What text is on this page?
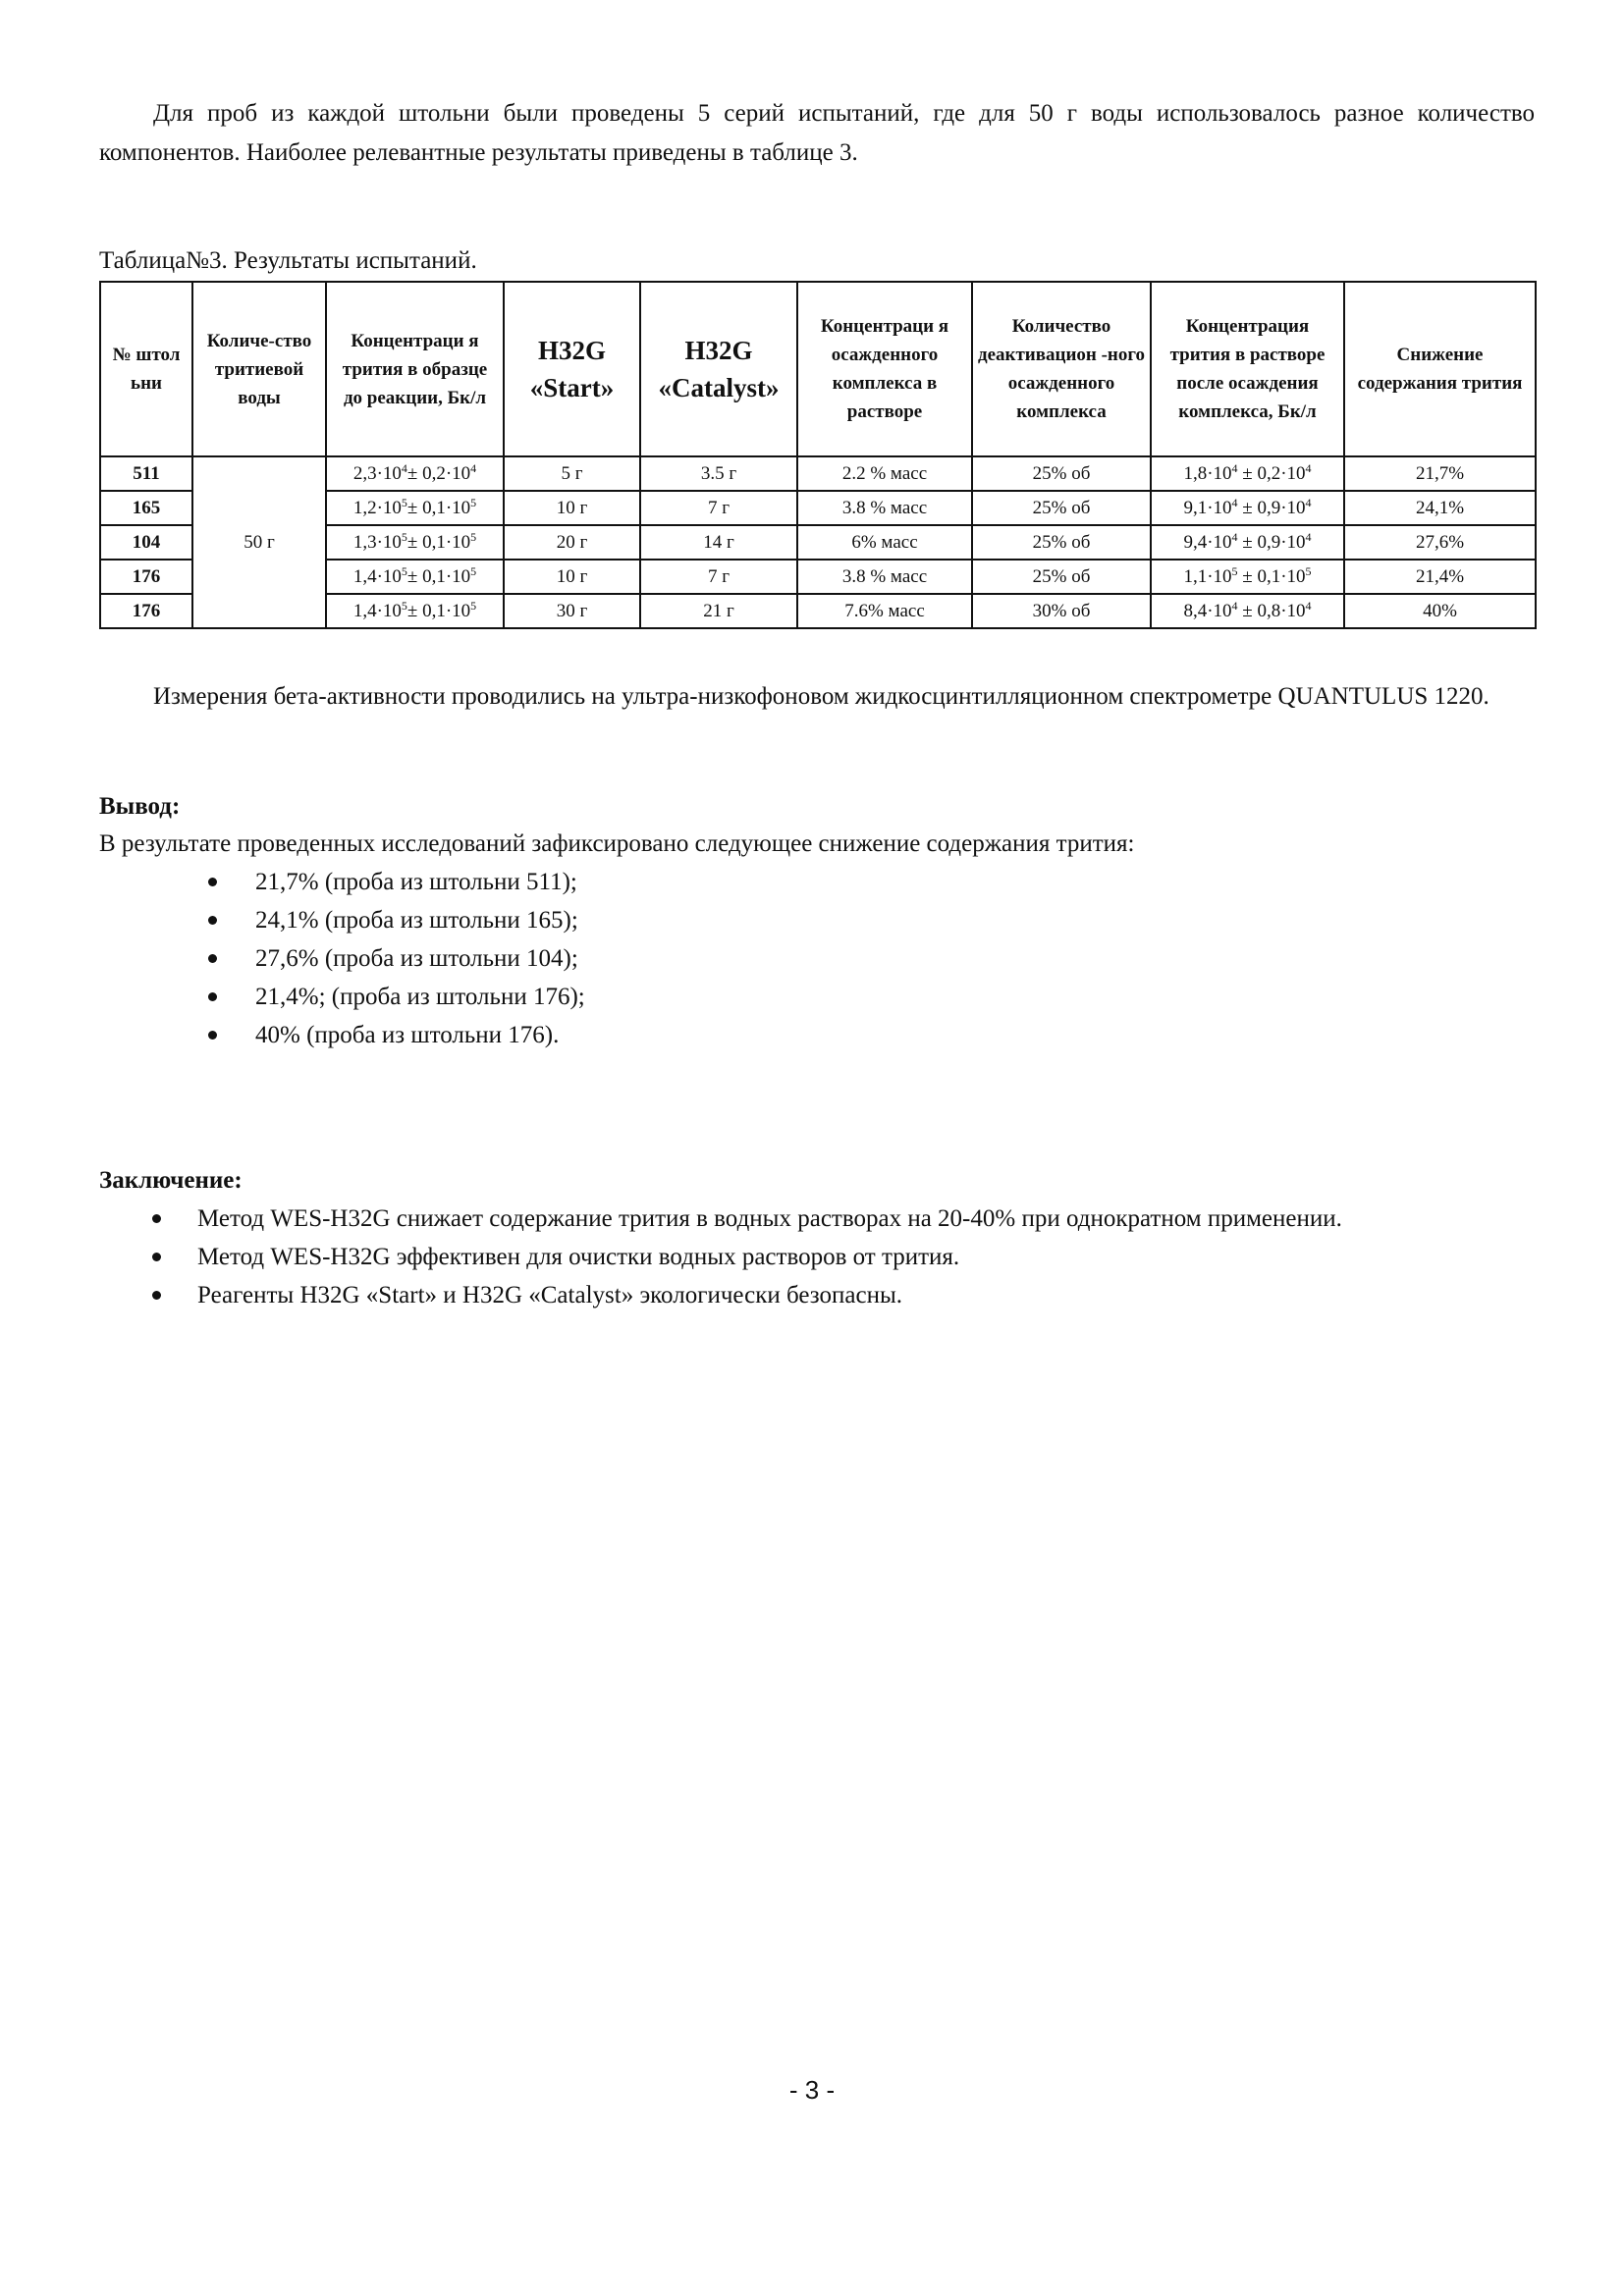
Для проб из каждой штольни были проведены 5 серий испытаний, где для 50 г воды использовалось разное количество компонентов. Наиболее релевантные результаты приведены в таблице 3.

Таблица№3. Результаты испытаний.
№ штол ьни	Количе-ство тритиевой воды	Концентраци я трития в образце до реакции, Бк/л	H32G «Start»	H32G «Catalyst»	Концентраци я осажденного комплекса в растворе	Количество деактивацион -ного осажденного комплекса	Концентрация трития в растворе после осаждения комплекса, Бк/л	Снижение содержания трития
511	50 г	$2,3\cdot 10^4\pm 0,2\cdot 10^4$	5 г	3.5 г	2.2 % масс	25% об	$1,8\cdot 10^4 \pm 0,2\cdot 10^4$	21,7%
165		$1,2\cdot 10^5\pm 0,1\cdot 10^5$	10 г	7 г	3.8 % масс	25% об	$9,1\cdot 10^4 \pm 0,9\cdot 10^4$	24,1%
104		$1,3\cdot 10^5\pm 0,1\cdot 10^5$	20 г	14 г	6% масс	25% об	$9,4\cdot 10^4 \pm 0,9\cdot 10^4$	27,6%
176		$1,4\cdot 10^5\pm 0,1\cdot 10^5$	10 г	7 г	3.8 % масс	25% об	$1,1\cdot 10^5 \pm 0,1\cdot 10^5$	21,4%
176		$1,4\cdot 10^5\pm 0,1\cdot 10^5$	30 г	21 г	7.6% масс	30% об	$8,4\cdot 10^4 \pm 0,8\cdot 10^4$	40%

Измерения бета-активности проводились на ультра-низкофоновом жидкосцинтилляционном спектрометре QUANTULUS 1220.

Вывод:
В результате проведенных исследований зафиксировано следующее снижение содержания трития:
21,7% (проба из штольни 511);
24,1% (проба из штольни 165);
27,6% (проба из штольни 104);
21,4%; (проба из штольни 176);
40% (проба из штольни 176).
Заключение:
Метод WES-H32G снижает содержание трития в водных растворах на 20-40% при однократном применении.
Метод WES-H32G эффективен для очистки водных растворов от трития.
Реагенты H32G «Start» и H32G «Catalyst» экологически безопасны.
- 3 -
